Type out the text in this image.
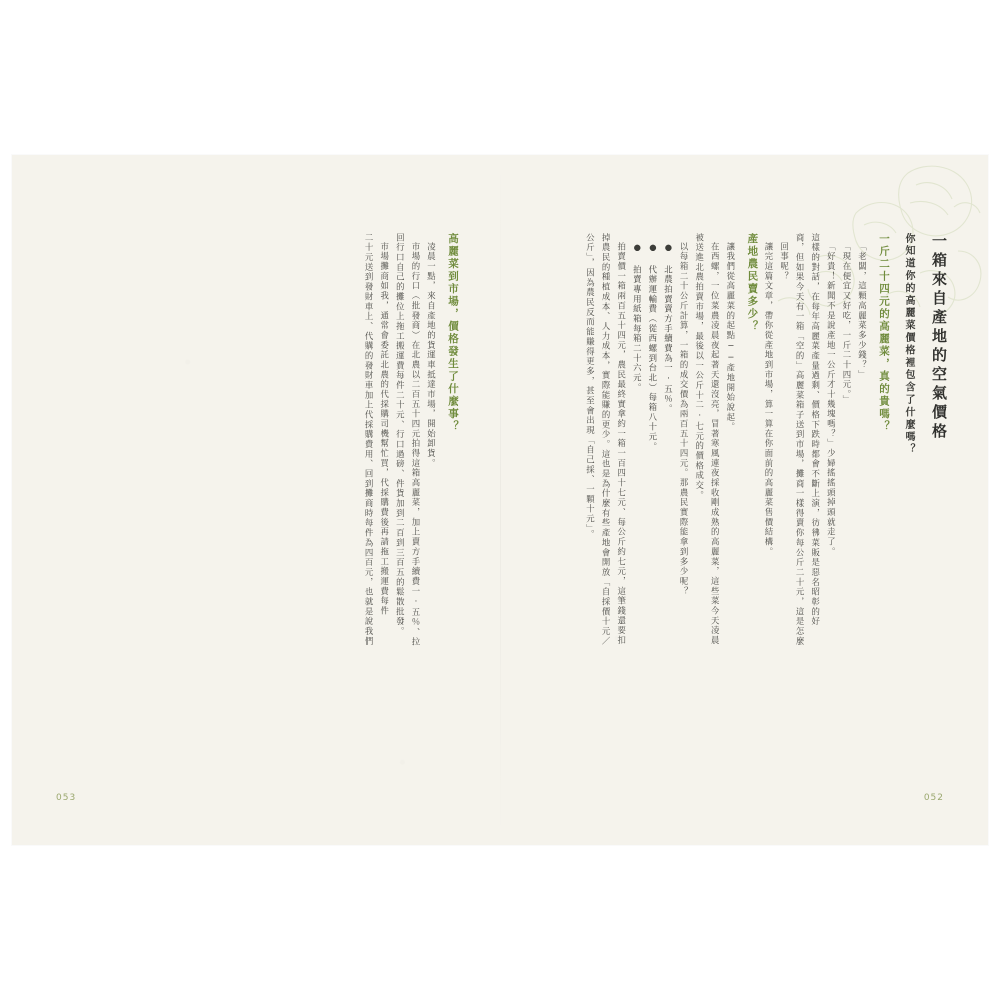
一箱來自產地的空氣價格
你知道你的高麗菜價格裡包含了什麼嗎？
一斤二十四元的高麗菜，真的貴嗎？
「老闆，這顆高麗菜多少錢？」
「現在便宜又好吃，一斤二十四元。」
「好貴！新聞不是說產地一公斤才十幾塊嗎？」少婦搖搖頭掉頭就走了。
這樣的對話，在每年高麗菜產量過剩、價格下跌時都會不斷上演，彷彿菜販是惡名昭彰的好
商，但如果今天有一箱「空的」高麗菜箱子送到市場，攤商一樣得賣你每公斤二十元，這是怎麼
回事呢？
讓完這篇文章，帶你從產地到市場，算一算在你面前的高麗菜售價結構。
產地農民賣多少？
讓我們從高麗菜的起點──產地開始說起。
在西螺，一位菜農凌晨夜起著天還沒亮，冒著寒風連夜採收剛成熟的高麗菜，這些菜今天凌晨
被送進北農拍賣市場，最後以一公斤十二‧七元的價格成交。
以每箱二十公斤計算，一箱的成交價為兩百五十四元。那農民實際能拿到多少呢？
● 北農拍賣賣方手續費為一‧五％。
● 代辦運輸費（從西螺到台北）每箱八十元。
● 拍賣專用紙箱每箱二十六元。
拍賣價一箱兩百五十四元，農民最終實拿約一箱一百四十七元、每公斤約七元，這筆錢還要扣
掉農民的種植成本、人力成本，實際能賺的更少。這也是為什麼有些產地會開放「自採價十元／
公斤」，因為農民反而能賺得更多，甚至會出現「自己採、一顆十元」。
052
高麗菜到市場，價格發生了什麼事？
凌晨一點，來自產地的貨運車抵達市場，開始卸貨。
市場的行口（批發商）在北農以二百五十四元拍得這箱高麗菜，加上賣方手續費一‧五％、拉
回行口自己的攤位上拖工搬運費每件二十元、行口過磅、件貨加到二百到三百五的鬆散批發。
市場攤商如我，通常會委託北農的代採購司機幫忙買，代採購費後再請拖工搬運費每件
二十元送到發財車上、代購的發財車加上代採購費用、回到攤商時每件為四百元，也就是說我們
053
